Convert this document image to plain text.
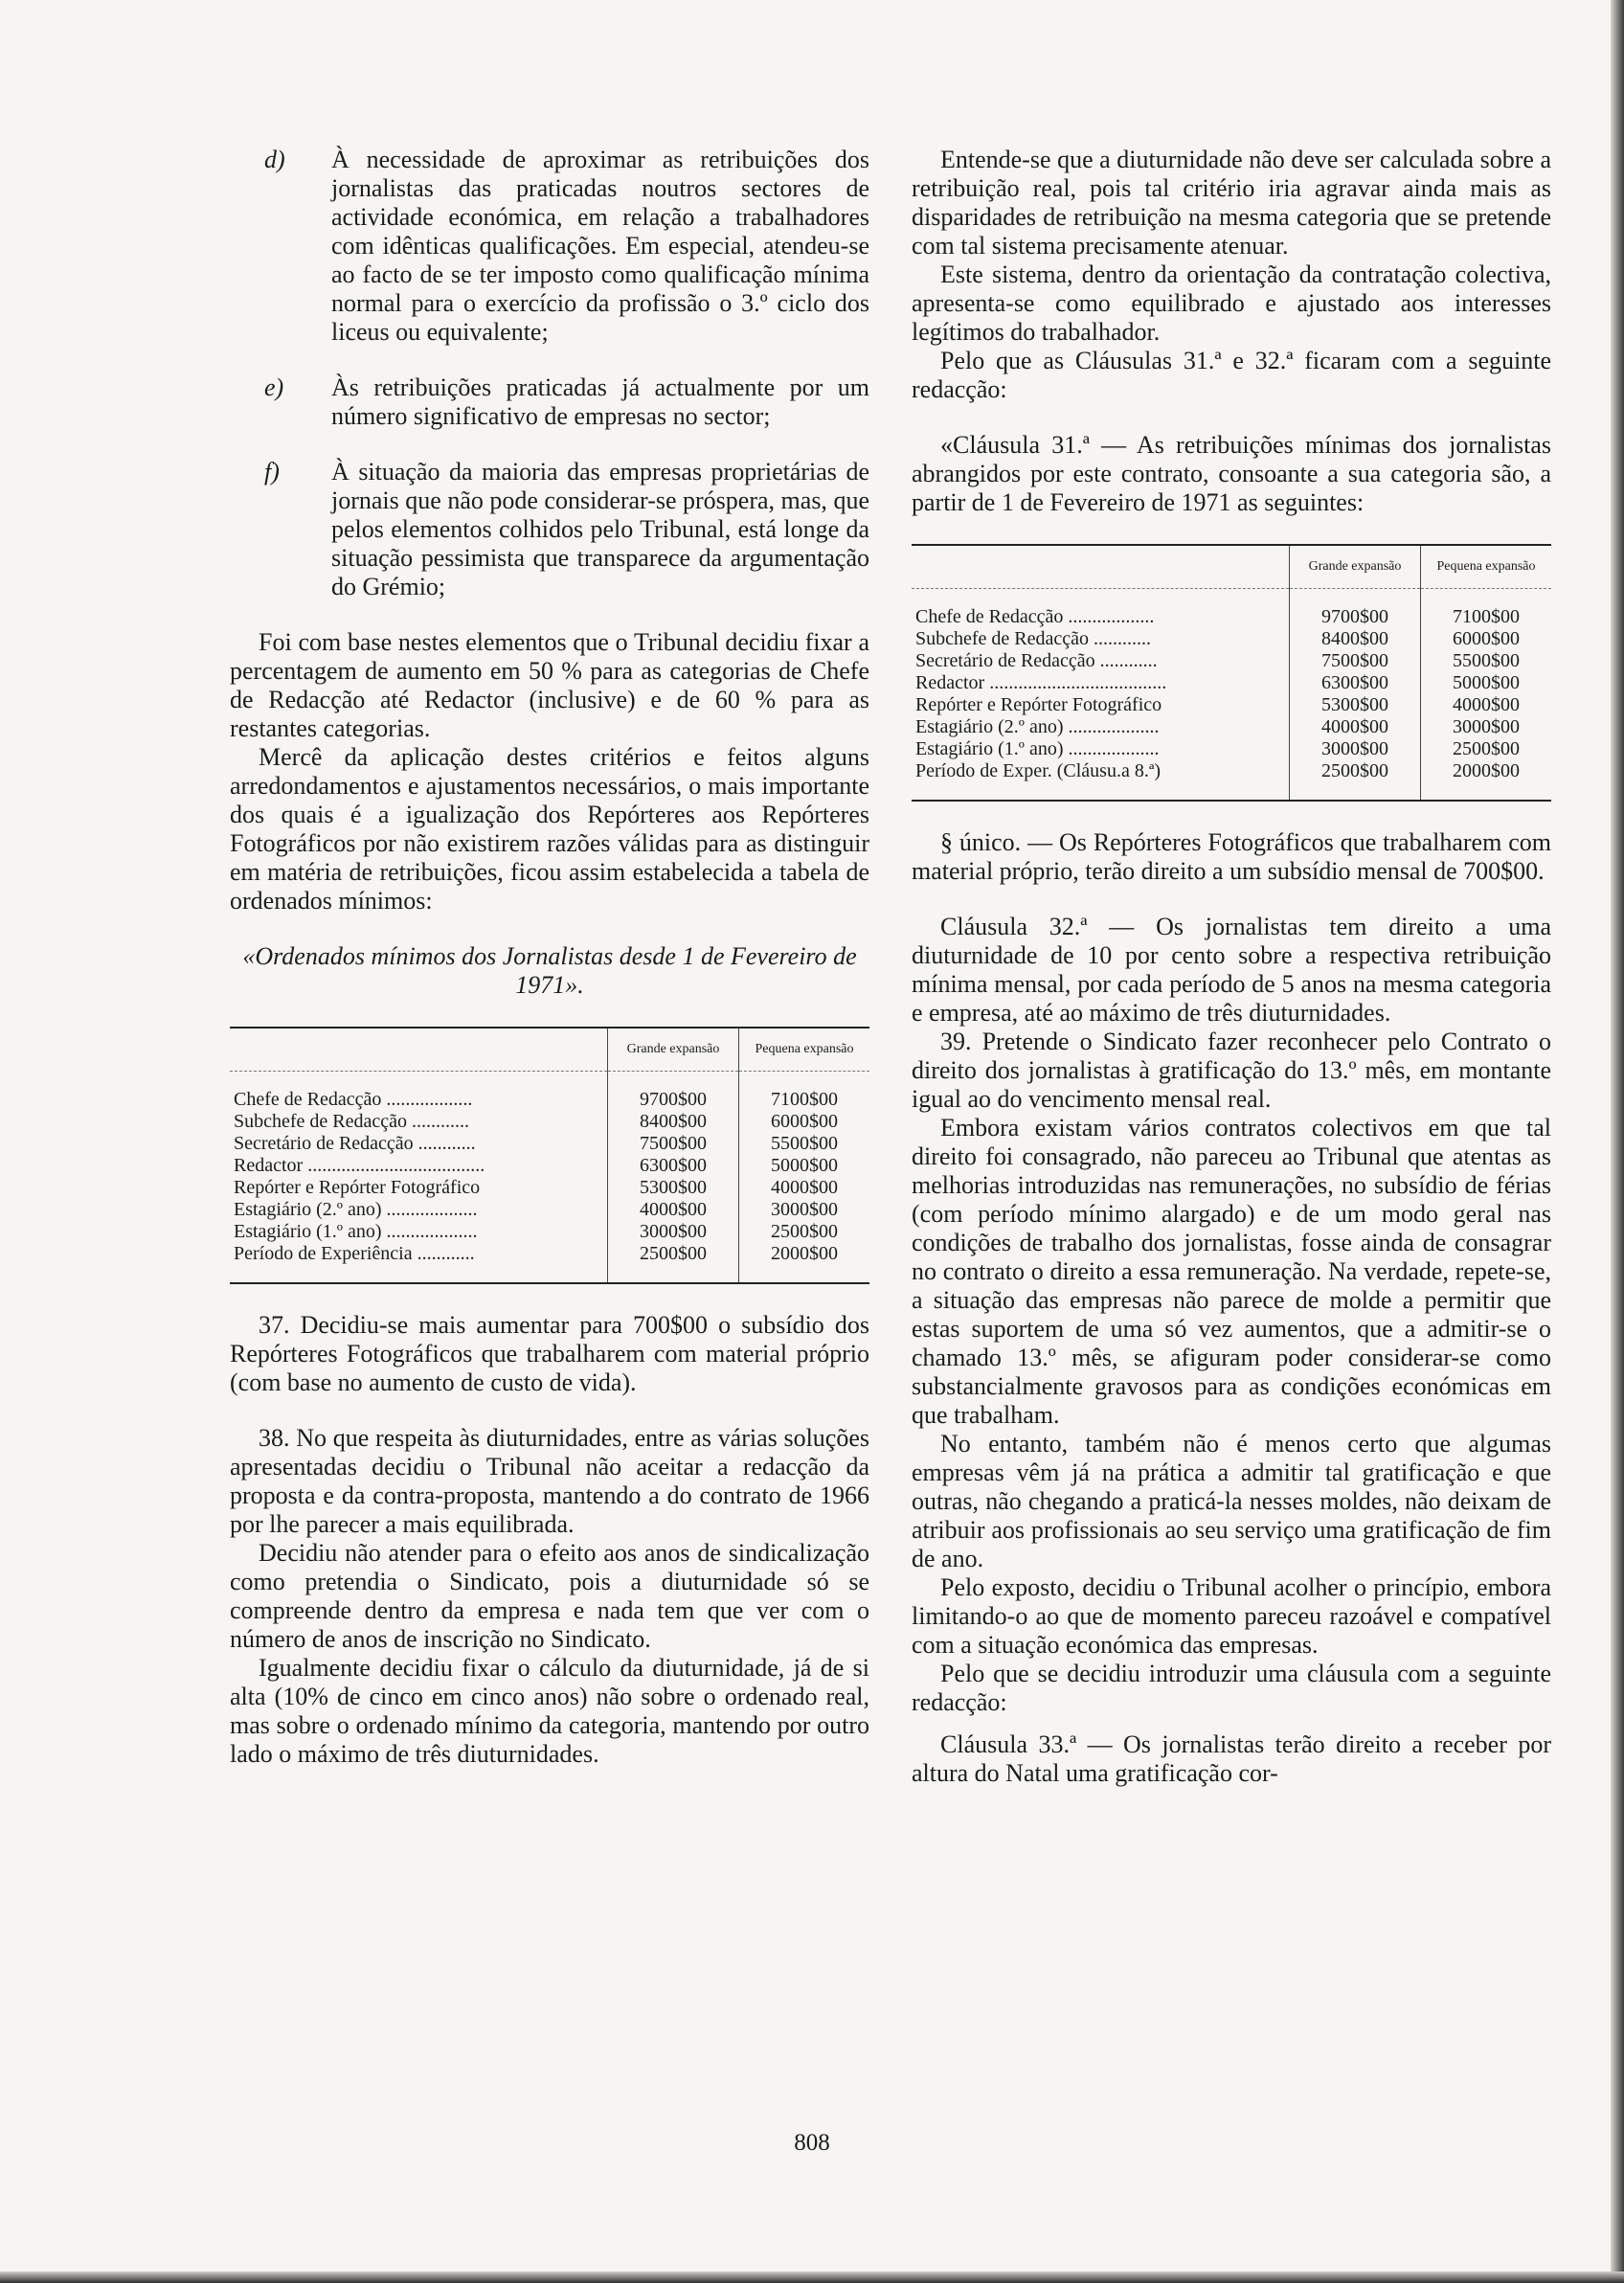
d) À necessidade de aproximar as retribuições dos jornalistas das praticadas noutros sectores de actividade económica, em relação a trabalhadores com idênticas qualificações. Em especial, atendeu-se ao facto de se ter imposto como qualificação mínima normal para o exercício da profissão o 3.º ciclo dos liceus ou equivalente;

e) Às retribuições praticadas já actualmente por um número significativo de empresas no sector;

f) À situação da maioria das empresas proprietárias de jornais que não pode considerar-se próspera, mas, que pelos elementos colhidos pelo Tribunal, está longe da situação pessimista que transparece da argumentação do Grémio;

Foi com base nestes elementos que o Tribunal decidiu fixar a percentagem de aumento em 50 % para as categorias de Chefe de Redacção até Redactor (inclusive) e de 60 % para as restantes categorias.

Mercê da aplicação destes critérios e feitos alguns arredondamentos e ajustamentos necessários, o mais importante dos quais é a igualização dos Repórteres aos Repórteres Fotográficos por não existirem razões válidas para as distinguir em matéria de retribuições, ficou assim estabelecida a tabela de ordenados mínimos:

«Ordenados mínimos dos Jornalistas desde 1 de Fevereiro de 1971».

	Grande expansão	Pequena expansão

Chefe de Redacção ..................	9700$00	7100$00
Subchefe de Redacção ............	8400$00	6000$00
Secretário de Redacção ............	7500$00	5500$00
Redactor .....................................	6300$00	5000$00
Repórter e Repórter Fotográfico	5300$00	4000$00
Estagiário (2.º ano) ...................	4000$00	3000$00
Estagiário (1.º ano) ...................	3000$00	2500$00
Período de Experiência ............	2500$00	2000$00

37. Decidiu-se mais aumentar para 700$00 o subsídio dos Repórteres Fotográficos que trabalharem com material próprio (com base no aumento de custo de vida).

38. No que respeita às diuturnidades, entre as várias soluções apresentadas decidiu o Tribunal não aceitar a redacção da proposta e da contra-proposta, mantendo a do contrato de 1966 por lhe parecer a mais equilibrada.

Decidiu não atender para o efeito aos anos de sindicalização como pretendia o Sindicato, pois a diuturnidade só se compreende dentro da empresa e nada tem que ver com o número de anos de inscrição no Sindicato.

Igualmente decidiu fixar o cálculo da diuturnidade, já de si alta (10% de cinco em cinco anos) não sobre o ordenado real, mas sobre o ordenado mínimo da categoria, mantendo por outro lado o máximo de três diuturnidades.

Entende-se que a diuturnidade não deve ser calculada sobre a retribuição real, pois tal critério iria agravar ainda mais as disparidades de retribuição na mesma categoria que se pretende com tal sistema precisamente atenuar.

Este sistema, dentro da orientação da contratação colectiva, apresenta-se como equilibrado e ajustado aos interesses legítimos do trabalhador.

Pelo que as Cláusulas 31.ª e 32.ª ficaram com a seguinte redacção:

«Cláusula 31.ª — As retribuições mínimas dos jornalistas abrangidos por este contrato, consoante a sua categoria são, a partir de 1 de Fevereiro de 1971 as seguintes:

	Grande expansão	Pequena expansão

Chefe de Redacção ..................	9700$00	7100$00
Subchefe de Redacção ............	8400$00	6000$00
Secretário de Redacção ............	7500$00	5500$00
Redactor .....................................	6300$00	5000$00
Repórter e Repórter Fotográfico	5300$00	4000$00
Estagiário (2.º ano) ...................	4000$00	3000$00
Estagiário (1.º ano) ...................	3000$00	2500$00
Período de Exper. (Cláusu.a 8.ª)	2500$00	2000$00

§ único. — Os Repórteres Fotográficos que trabalharem com material próprio, terão direito a um subsídio mensal de 700$00.

Cláusula 32.ª — Os jornalistas tem direito a uma diuturnidade de 10 por cento sobre a respectiva retribuição mínima mensal, por cada período de 5 anos na mesma categoria e empresa, até ao máximo de três diuturnidades.

39. Pretende o Sindicato fazer reconhecer pelo Contrato o direito dos jornalistas à gratificação do 13.º mês, em montante igual ao do vencimento mensal real.

Embora existam vários contratos colectivos em que tal direito foi consagrado, não pareceu ao Tribunal que atentas as melhorias introduzidas nas remunerações, no subsídio de férias (com período mínimo alargado) e de um modo geral nas condições de trabalho dos jornalistas, fosse ainda de consagrar no contrato o direito a essa remuneração. Na verdade, repete-se, a situação das empresas não parece de molde a permitir que estas suportem de uma só vez aumentos, que a admitir-se o chamado 13.º mês, se afiguram poder considerar-se como substancialmente gravosos para as condições económicas em que trabalham.

No entanto, também não é menos certo que algumas empresas vêm já na prática a admitir tal gratificação e que outras, não chegando a praticá-la nesses moldes, não deixam de atribuir aos profissionais ao seu serviço uma gratificação de fim de ano.

Pelo exposto, decidiu o Tribunal acolher o princípio, embora limitando-o ao que de momento pareceu razoável e compatível com a situação económica das empresas.

Pelo que se decidiu introduzir uma cláusula com a seguinte redacção:

Cláusula 33.ª — Os jornalistas terão direito a receber por altura do Natal uma gratificação cor-

808
